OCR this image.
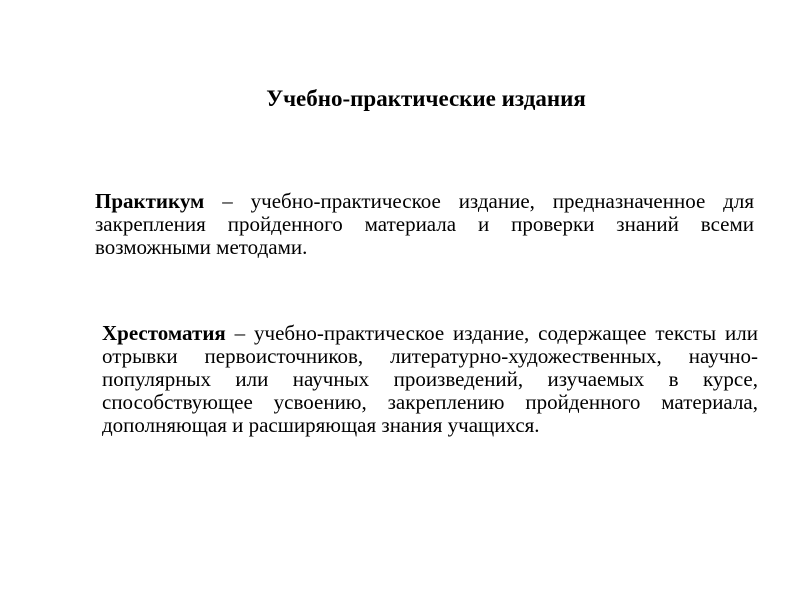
Учебно-практические издания

Практикум – учебно-практическое издание, предназначенное для закрепления пройденного материала и проверки знаний всеми возможными методами.

Хрестоматия – учебно-практическое издание, содержащее тексты или отрывки первоисточников, литературно-художественных, научно-популярных или научных произведений, изучаемых в курсе, способствующее усвоению, закреплению пройденного материала, дополняющая и расширяющая знания учащихся.
